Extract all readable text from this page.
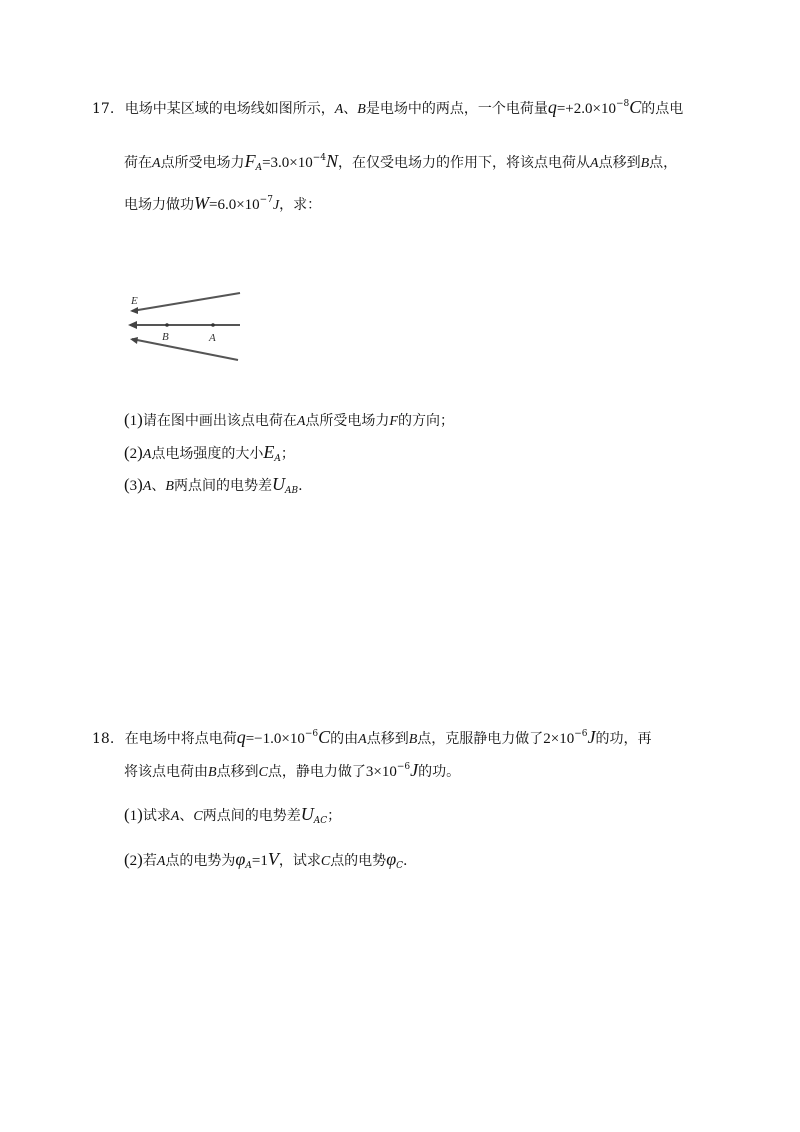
17. 电场中某区域的电场线如图所示，A、B是电场中的两点，一个电荷量$q=+2.0\times 10^{-8}C$的点电
荷在A点所受电场力$F_A=3.0\times 10^{-4}N$，在仅受电场力的作用下，将该点电荷从A点移到B点，
电场力做功$W=6.0\times 10^{-7}J$，求：
E
B	A
(1)请在图中画出该点电荷在A点所受电场力F的方向；
(2)A点电场强度的大小$E_A$；
(3)A、B两点间的电势差$U_{AB}$.
18. 在电场中将点电荷$q=-1.0\times 10^{-6}C$的由A点移到B点，克服静电力做了$2\times 10^{-6}J$的功，再
将该点电荷由B点移到C点，静电力做了$3\times 10^{-6}J$的功。
(1)试求A、C两点间的电势差$U_{AC}$；
(2)若A点的电势为$\varphi_A=1V$，试求C点的电势$\varphi_C$.
